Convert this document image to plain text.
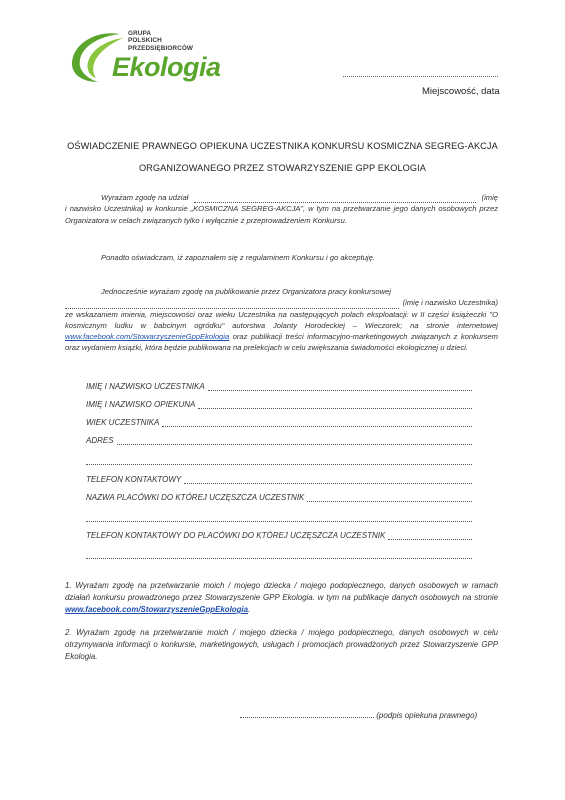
GRUPA
POLSKICH
PRZEDSIĘBIORCÓW
Ekologia
Miejscowość, data
OŚWIADCZENIE PRAWNEGO OPIEKUNA UCZESTNIKA KONKURSU KOSMICZNA SEGREG-AKCJA
ORGANIZOWANEGO PRZEZ STOWARZYSZENIE GPP EKOLOGIA
Wyrażam zgodę na udział	(imię
i nazwisko Uczestnika) w konkursie „KOSMICZNA SEGREG-AKCJA”, w tym na przetwarzanie jego danych osobowych przez Organizatora w celach związanych tylko i wyłącznie z przeprowadzeniem Konkursu.
Ponadto oświadczam, iż zapoznałem się z regulaminem Konkursu i go akceptuję.
Jednocześnie wyrażam zgodę na publikowanie przez Organizatora pracy konkursowej
(imię i nazwisko Uczestnika)
ze wskazaniem imienia, miejscowości oraz wieku Uczestnika na następujących polach eksploatacji: w II części książeczki "O kosmicznym ludku w babcinym ogródku" autorstwa Jolanty Horodeckiej – Wieczorek; na stronie internetowej www.facebook.com/StowarzyszenieGppEkologia oraz publikacji treści informacyjno-marketingowych związanych z konkursem oraz wydaniem książki, która będzie publikowana na prelekcjach w celu zwiększania świadomości ekologicznej u dzieci.
IMIĘ I NAZWISKO UCZESTNIKA
IMIĘ I NAZWISKO OPIEKUNA
WIEK UCZESTNIKA
ADRES
TELEFON KONTAKTOWY
NAZWA PLACÓWKI DO KTÓREJ UCZĘSZCZA UCZESTNIK
TELEFON KONTAKTOWY DO PLACÓWKI DO KTÓREJ UCZĘSZCZA UCZESTNIK
1. Wyrażam zgodę na przetwarzanie moich / mojego dziecka / mojego podopiecznego, danych osobowych w ramach działań konkursu prowadzonego przez Stowarzyszenie GPP Ekologia. w tym na publikacje danych osobowych na stronie www.facebook.com/StowarzyszenieGppEkologia.
2. Wyrażam zgodę na przetwarzanie moich / mojego dziecka / mojego podopiecznego, danych osobowych w celu otrzymywania informacji o konkursie, marketingowych, usługach i promocjach prowadzonych przez Stowarzyszenie GPP Ekologia.
(podpis opiekuna prawnego)
